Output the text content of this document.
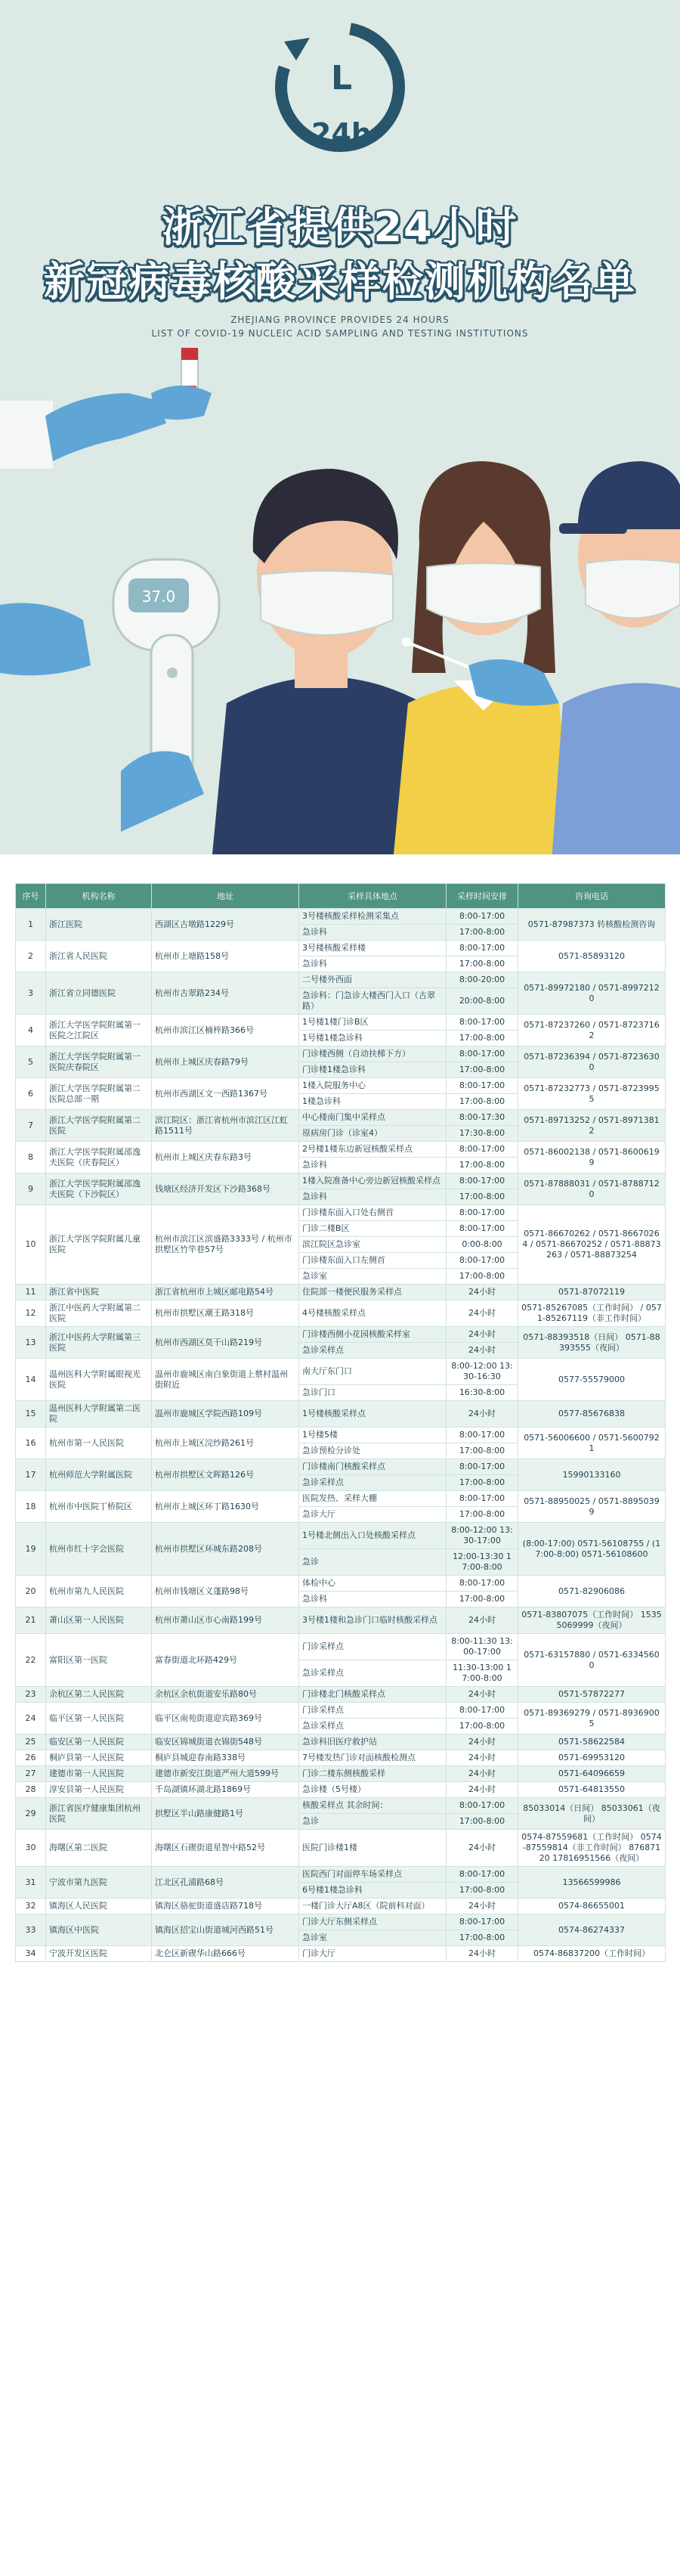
L
24h
浙江省提供24小时
新冠病毒核酸采样检测机构名单
ZHEJIANG PROVINCE PROVIDES 24 HOURS
LIST OF COVID-19 NUCLEIC ACID SAMPLING AND TESTING INSTITUTIONS
37.0
序号	机构名称	地址	采样具体地点	采样时间安排	咨询电话
1	浙江医院	西湖区古墩路1229号	3号楼核酸采样检测采集点	8:00-17:00	0571-87987373 转核酸检测咨询
			急诊科	17:00-8:00	
2	浙江省人民医院	杭州市上塘路158号	3号楼核酸采样楼	8:00-17:00	0571-85893120
			急诊科	17:00-8:00	
3	浙江省立同德医院	杭州市古翠路234号	二号楼外西面	8:00-20:00	0571-89972180 / 0571-89972120
			急诊科：门急诊大楼西门入口（古翠路）	20:00-8:00	
4	浙江大学医学院附属第一医院之江院区	杭州市滨江区楠梓路366号	1号楼1楼门诊B区	8:00-17:00	0571-87237260 / 0571-87237162
			1号楼1楼急诊科	17:00-8:00	
5	浙江大学医学院附属第一医院庆春院区	杭州市上城区庆春路79号	门诊楼西侧（自动扶梯下方）	8:00-17:00	0571-87236394 / 0571-87236300
			门诊楼1楼急诊科	17:00-8:00	
6	浙江大学医学院附属第二医院总部一期	杭州市西湖区文一西路1367号	1楼入院服务中心	8:00-17:00	0571-87232773 / 0571-87239955
			1楼急诊科	17:00-8:00	
7	浙江大学医学院附属第二医院	滨江院区：浙江省杭州市滨江区江虹路1511号	中心楼南门集中采样点	8:00-17:30	0571-89713252 / 0571-89713812
			原病房门诊（诊室4）	17:30-8:00	
8	浙江大学医学院附属邵逸夫医院（庆春院区）	杭州市上城区庆春东路3号	2号楼1楼东边新冠核酸采样点	8:00-17:00	0571-86002138 / 0571-86006199
			急诊科	17:00-8:00	
9	浙江大学医学院附属邵逸夫医院（下沙院区）	钱塘区经济开发区下沙路368号	1楼入院准备中心旁边新冠核酸采样点	8:00-17:00	0571-87888031 / 0571-87887120
			急诊科	17:00-8:00	
10	浙江大学医学院附属儿童医院	杭州市滨江区滨盛路3333号 / 杭州市拱墅区竹竿巷57号	门诊楼东面入口处右侧首	8:00-17:00	0571-86670262 / 0571-86670264 / 0571-86670252 / 0571-88873263 / 0571-88873254
			门诊二楼B区	8:00-17:00	
			滨江院区急诊室	0:00-8:00	
			门诊楼东面入口左侧首	8:00-17:00	
			急诊室	17:00-8:00	
11	浙江省中医院	浙江省杭州市上城区邮电路54号	住院部一楼便民服务采样点	24小时	0571-87072119
12	浙江中医药大学附属第二医院	杭州市拱墅区潮王路318号	4号楼核酸采样点	24小时	0571-85267085（工作时间） / 0571-85267119（非工作时间）
13	浙江中医药大学附属第三医院	杭州市西湖区莫干山路219号	门诊楼西侧小花园核酸采样室	24小时	0571-88393518（日间） 0571-88393555（夜间）
			急诊采样点	24小时	
14	温州医科大学附属眼视光医院	温州市鹿城区南白象街道上蔡村温州街附近	南大厅东门口	8:00-12:00 13:30-16:30	0577-55579000
			急诊门口	16:30-8:00	
15	温州医科大学附属第二医院	温州市鹿城区学院西路109号	1号楼核酸采样点	24小时	0577-85676838
16	杭州市第一人民医院	杭州市上城区浣纱路261号	1号楼5楼	8:00-17:00	0571-56006600 / 0571-56007921
			急诊预检分诊处	17:00-8:00	
17	杭州师范大学附属医院	杭州市拱墅区文晖路126号	门诊楼南门核酸采样点	8:00-17:00	15990133160
			急诊采样点	17:00-8:00	
18	杭州市中医院丁桥院区	杭州市上城区环丁路1630号	医院发热、采样大棚	8:00-17:00	0571-88950025 / 0571-88950399
			急诊大厅	17:00-8:00	
19	杭州市红十字会医院	杭州市拱墅区环城东路208号	1号楼北侧出入口处核酸采样点	8:00-12:00 13:30-17:00	(8:00-17:00) 0571-56108755 / (17:00-8:00) 0571-56108600
			急诊	12:00-13:30 17:00-8:00	
20	杭州市第九人民医院	杭州市钱塘区义蓬路98号	体检中心	8:00-17:00	0571-82906086
			急诊科	17:00-8:00	
21	萧山区第一人民医院	杭州市萧山区市心南路199号	3号楼1楼和急诊门口临时核酸采样点	24小时	0571-83807075（工作时间） 15355069999（夜间）
22	富阳区第一医院	富春街道北环路429号	门诊采样点	8:00-11:30 13:00-17:00	0571-63157880 / 0571-63345600
			急诊采样点	11:30-13:00 17:00-8:00	
23	余杭区第二人民医院	余杭区余杭街道安乐路80号	门诊楼北门核酸采样点	24小时	0571-57872277
24	临平区第一人民医院	临平区南苑街道迎宾路369号	门诊采样点	8:00-17:00	0571-89369279 / 0571-89369005
			急诊采样点	17:00-8:00	
25	临安区第一人民医院	临安区锦城街道衣锦街548号	急诊科旧医疗救护站	24小时	0571-58622584
26	桐庐县第一人民医院	桐庐县城迎春南路338号	7号楼发热门诊对面核酸检测点	24小时	0571-69953120
27	建德市第一人民医院	建德市新安江街道严州大道599号	门诊二楼东侧核酸采样	24小时	0571-64096659
28	淳安县第一人民医院	千岛湖镇环湖北路1869号	急诊楼（5号楼）	24小时	0571-64813550
29	浙江省医疗健康集团杭州医院	拱墅区半山路康健路1号	核酸采样点 其余时间：	8:00-17:00	85033014（日间） 85033061（夜间）
			急诊	17:00-8:00	
30	海曙区第二医院	海曙区石碶街道星智中路52号	医院门诊楼1楼	24小时	0574-87559681（工作时间） 0574-87559814（非工作时间） 87687120 17816951566（夜间）
31	宁波市第九医院	江北区孔浦路68号	医院西门对面停车场采样点	8:00-17:00	13566599986
			6号楼1楼急诊科	17:00-8:00	
32	镇海区人民医院	镇海区骆驼街道盛店路718号	一楼门诊大厅A8区（院前科对面）	24小时	0574-86655001
33	镇海区中医院	镇海区招宝山街道城河西路51号	门诊大厅东侧采样点	8:00-17:00	0574-86274337
			急诊室	17:00-8:00	
34	宁波开发区医院	北仑区新碶华山路666号	门诊大厅	24小时	0574-86837200（工作时间）
